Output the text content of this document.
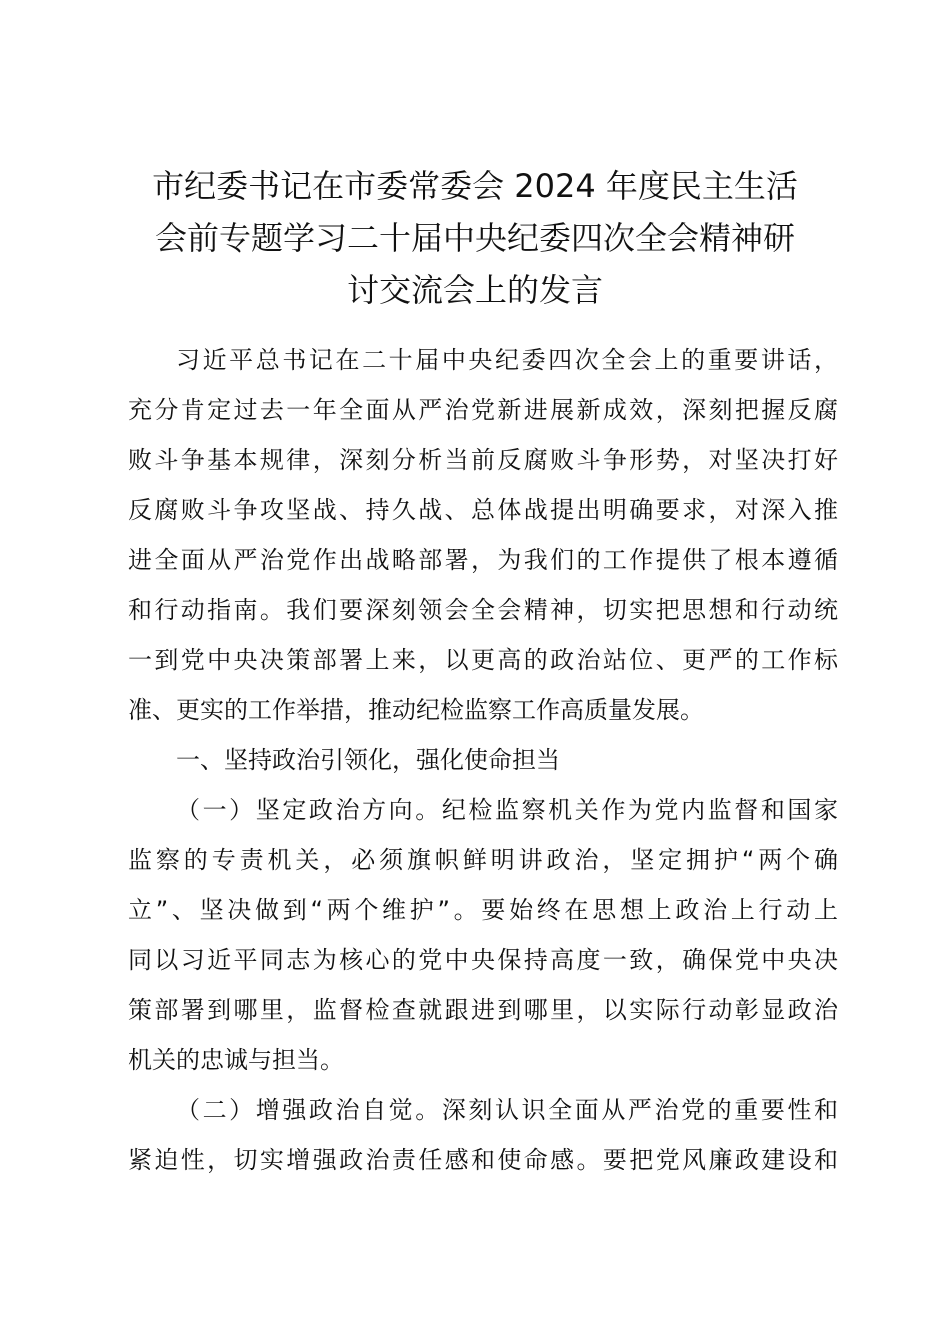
市纪委书记在市委常委会 2024 年度民主生活
会前专题学习二十届中央纪委四次全会精神研
讨交流会上的发言
习近平总书记在二十届中央纪委四次全会上的重要讲话，
充分肯定过去一年全面从严治党新进展新成效，深刻把握反腐
败斗争基本规律，深刻分析当前反腐败斗争形势，对坚决打好
反腐败斗争攻坚战、持久战、总体战提出明确要求，对深入推
进全面从严治党作出战略部署，为我们的工作提供了根本遵循
和行动指南。我们要深刻领会全会精神，切实把思想和行动统
一到党中央决策部署上来，以更高的政治站位、更严的工作标
准、更实的工作举措，推动纪检监察工作高质量发展。
一、坚持政治引领化，强化使命担当
（一）坚定政治方向。纪检监察机关作为党内监督和国家
监察的专责机关，必须旗帜鲜明讲政治，坚定拥护“两个确
立”、坚决做到“两个维护”。要始终在思想上政治上行动上
同以习近平同志为核心的党中央保持高度一致，确保党中央决
策部署到哪里，监督检查就跟进到哪里，以实际行动彰显政治
机关的忠诚与担当。
（二）增强政治自觉。深刻认识全面从严治党的重要性和
紧迫性，切实增强政治责任感和使命感。要把党风廉政建设和
